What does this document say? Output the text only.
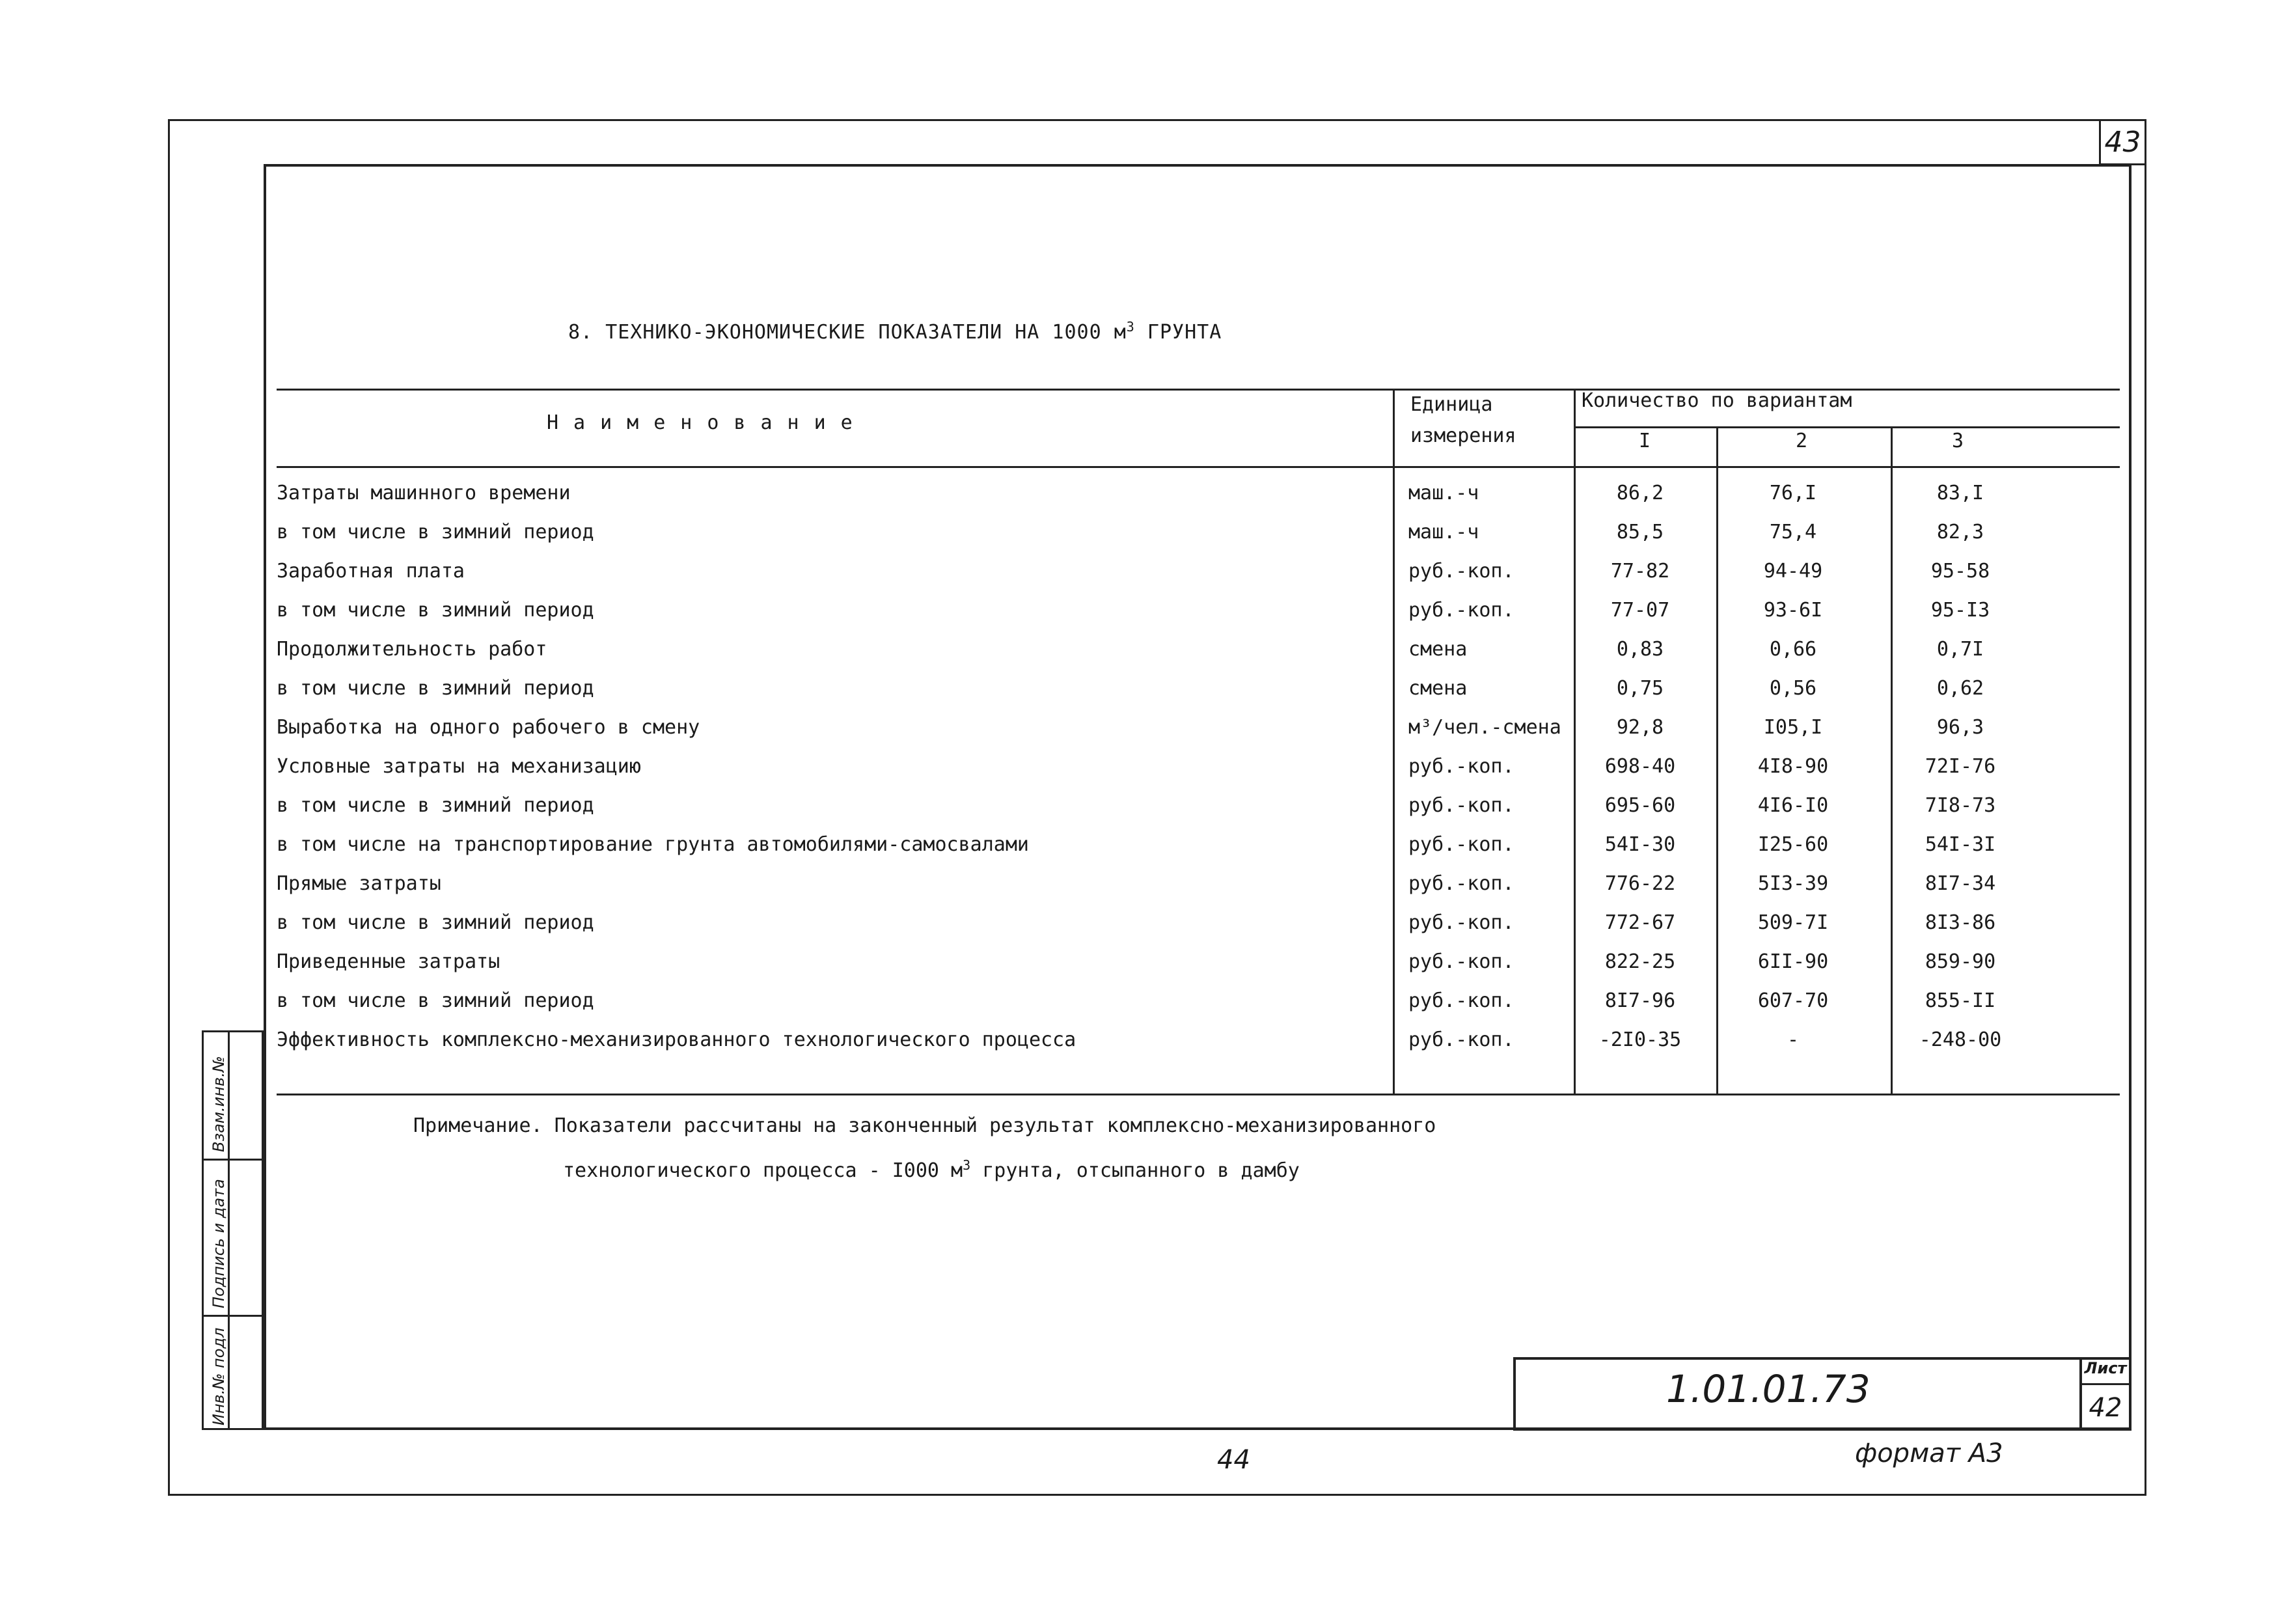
43
8. ТЕХНИКО-ЭКОНОМИЧЕСКИЕ ПОКАЗАТЕЛИ НА 1000 $м^3$ ГРУНТА
Наименование
Единица
измерения
Количество по вариантам
I	2	3
Затраты машинного времени	маш.-ч	86,2	76,I	83,I
в том числе в зимний период	маш.-ч	85,5	75,4	82,3
Заработная плата	руб.-коп.	77-82	94-49	95-58
в том числе в зимний период	руб.-коп.	77-07	93-6I	95-I3
Продолжительность работ	смена	0,83	0,66	0,7I
в том числе в зимний период	смена	0,75	0,56	0,62
Выработка на одного рабочего в смену	м³/чел.-смена	92,8	I05,I	96,3
Условные затраты на механизацию	руб.-коп.	698-40	4I8-90	72I-76
в том числе в зимний период	руб.-коп.	695-60	4I6-I0	7I8-73
в том числе на транспортирование грунта автомобилями-самосвалами	руб.-коп.	54I-30	I25-60	54I-3I
Прямые затраты	руб.-коп.	776-22	5I3-39	8I7-34
в том числе в зимний период	руб.-коп.	772-67	509-7I	8I3-86
Приведенные затраты	руб.-коп.	822-25	6II-90	859-90
в том числе в зимний период	руб.-коп.	8I7-96	607-70	855-II
Эффективность комплексно-механизированного технологического процесса	руб.-коп.	-2I0-35	-	-248-00
Примечание. Показатели рассчитаны на законченный результат комплексно-механизированного
технологического процесса - I000 $м^3$ грунта, отсыпанного в дамбу
Инв.№ подл
Подпись и дата
Взам.инв.№
1.01.01.73	Лист
42
44	формат А3
